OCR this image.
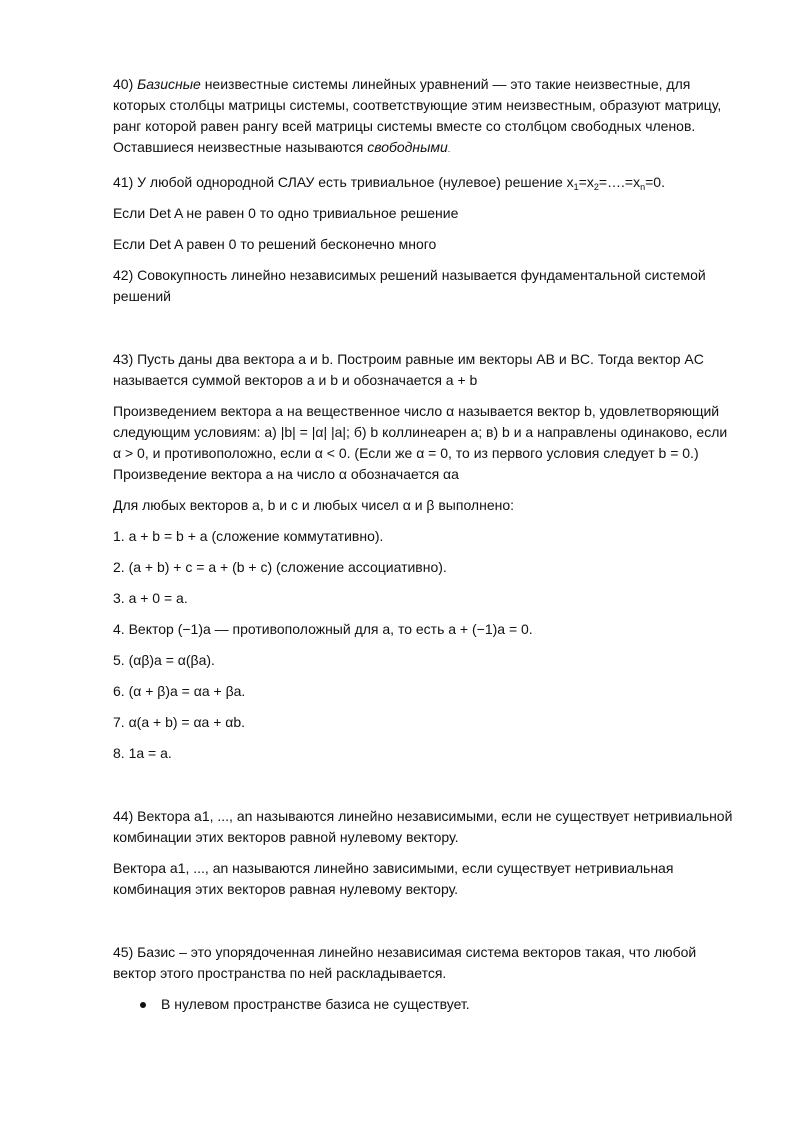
40) Базисные неизвестные системы линейных уравнений — это такие неизвестные, для которых столбцы матрицы системы, соответствующие этим неизвестным, образуют матрицу, ранг которой равен рангу всей матрицы системы вместе со столбцом свободных членов. Оставшиеся неизвестные называются свободными.

41) У любой однородной СЛАУ есть тривиальное (нулевое) решение $x_1=x_2=\dots.=x_n=0$.

Если Det A не равен 0 то одно тривиальное решение

Если Det A равен 0 то решений бесконечно много

42) Совокупность линейно независимых решений называется фундаментальной системой решений

43) Пусть даны два вектора a и b. Построим равные им векторы AB и BC. Тогда вектор AC называется суммой векторов a и b и обозначается a + b

Произведением вектора a на вещественное число α называется вектор b, удовлетворяющий следующим условиям: а) |b| = |α| |a|; б) b коллинеарен a; в) b и a направлены одинаково, если α > 0, и противоположно, если α < 0. (Если же α = 0, то из первого условия следует b = 0.) Произведение вектора a на число α обозначается αa

Для любых векторов a, b и c и любых чисел α и β выполнено:

1. a + b = b + a (сложение коммутативно).

2. (a + b) + c = a + (b + c) (сложение ассоциативно).

3. a + 0 = a.

4. Вектор (−1)a — противоположный для a, то есть a + (−1)a = 0.

5. (αβ)a = α(βa).

6. (α + β)a = αa + βa.

7. α(a + b) = αa + αb.

8. 1a = a.

44) Вектора a1, ..., an называются линейно независимыми, если не существует нетривиальной комбинации этих векторов равной нулевому вектору.

Вектора a1, ..., an называются линейно зависимыми, если существует нетривиальная комбинация этих векторов равная нулевому вектору.

45) Базис – это упорядоченная линейно независимая система векторов такая, что любой вектор этого пространства по ней раскладывается.

В нулевом пространстве базиса не существует.
